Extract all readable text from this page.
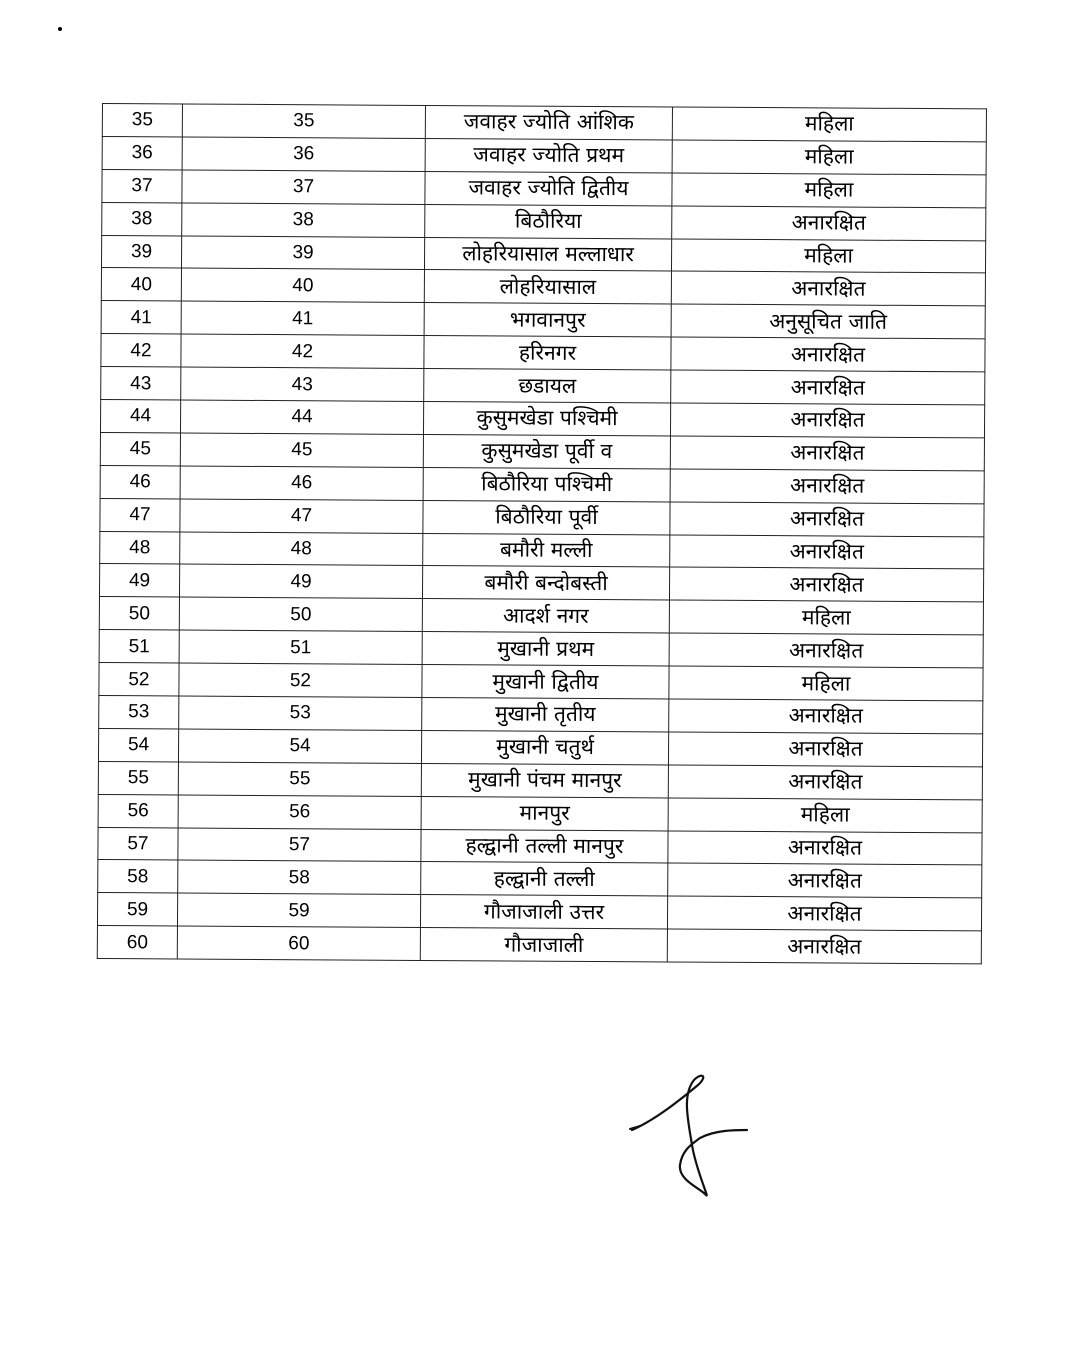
35	35	जवाहर ज्योति आंशिक	महिला
36	36	जवाहर ज्योति प्रथम	महिला
37	37	जवाहर ज्योति द्वितीय	महिला
38	38	बिठौरिया	अनारक्षित
39	39	लोहरियासाल मल्लाधार	महिला
40	40	लोहरियासाल	अनारक्षित
41	41	भगवानपुर	अनुसूचित जाति
42	42	हरिनगर	अनारक्षित
43	43	छडायल	अनारक्षित
44	44	कुसुमखेडा पश्चिमी	अनारक्षित
45	45	कुसुमखेडा पूर्वी व	अनारक्षित
46	46	बिठौरिया पश्चिमी	अनारक्षित
47	47	बिठौरिया पूर्वी	अनारक्षित
48	48	बमौरी मल्ली	अनारक्षित
49	49	बमौरी बन्दोबस्ती	अनारक्षित
50	50	आदर्श नगर	महिला
51	51	मुखानी प्रथम	अनारक्षित
52	52	मुखानी द्वितीय	महिला
53	53	मुखानी तृतीय	अनारक्षित
54	54	मुखानी चतुर्थ	अनारक्षित
55	55	मुखानी पंचम मानपुर	अनारक्षित
56	56	मानपुर	महिला
57	57	हल्द्वानी तल्ली मानपुर	अनारक्षित
58	58	हल्द्वानी तल्ली	अनारक्षित
59	59	गौजाजाली उत्तर	अनारक्षित
60	60	गौजाजाली	अनारक्षित
